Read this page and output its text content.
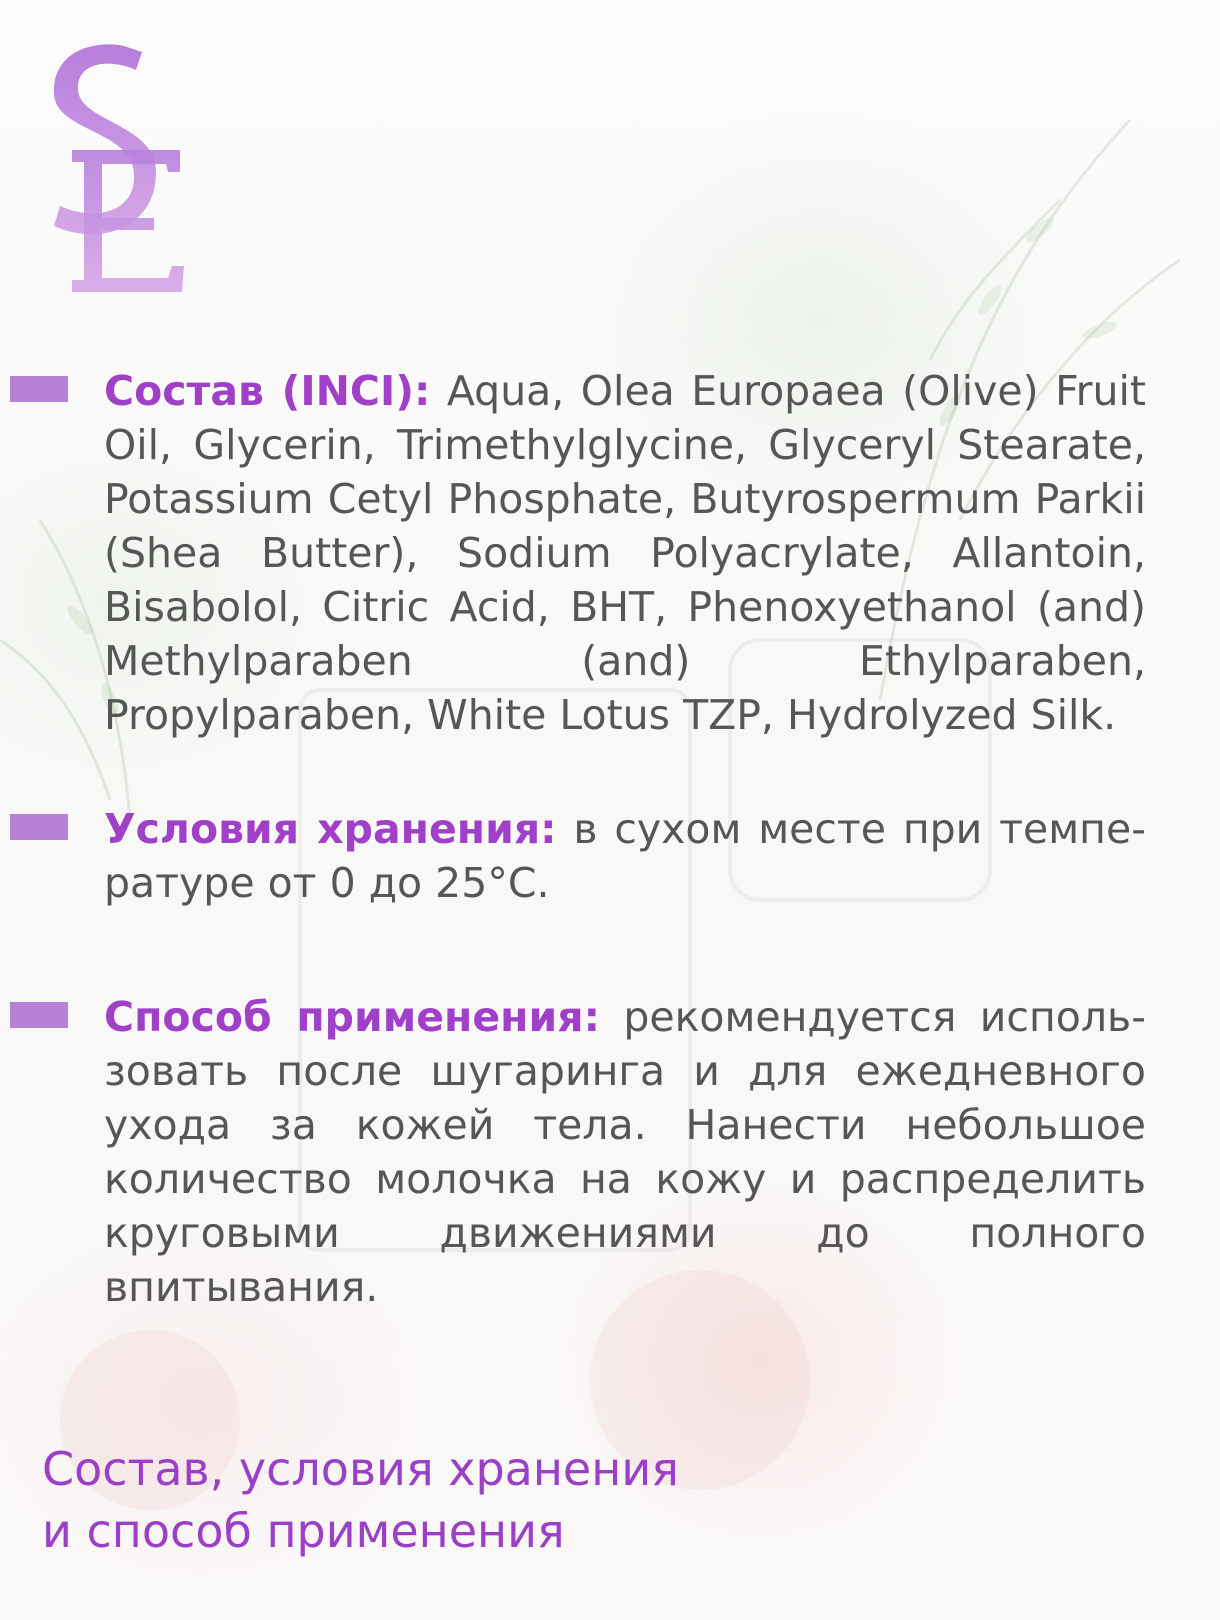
Состав (INCI): Aqua, Olea Europaea (Olive) Fruit Oil, Glycerin, Trimethylglycine, Glyceryl Stearate, Potassium Cetyl Phosphate, Butyrospermum Parkii (Shea Butter), Sodium Polyacrylate, Allantoin, Bisabolol, Citric Acid, BHT, Phenoxyethanol (and) Methylparaben (and) Ethylparaben, Propylparaben, White Lotus TZP, Hydrolyzed Silk.
Условия хранения: в сухом месте при температуре от 0 до 25°C.
Способ применения: рекомендуется использовать после шугаринга и для ежедневного ухода за кожей тела. Нанести небольшое количество молочка на кожу и распределить круговыми движениями до полного впитывания.
Состав, условия хранения
и способ применения
